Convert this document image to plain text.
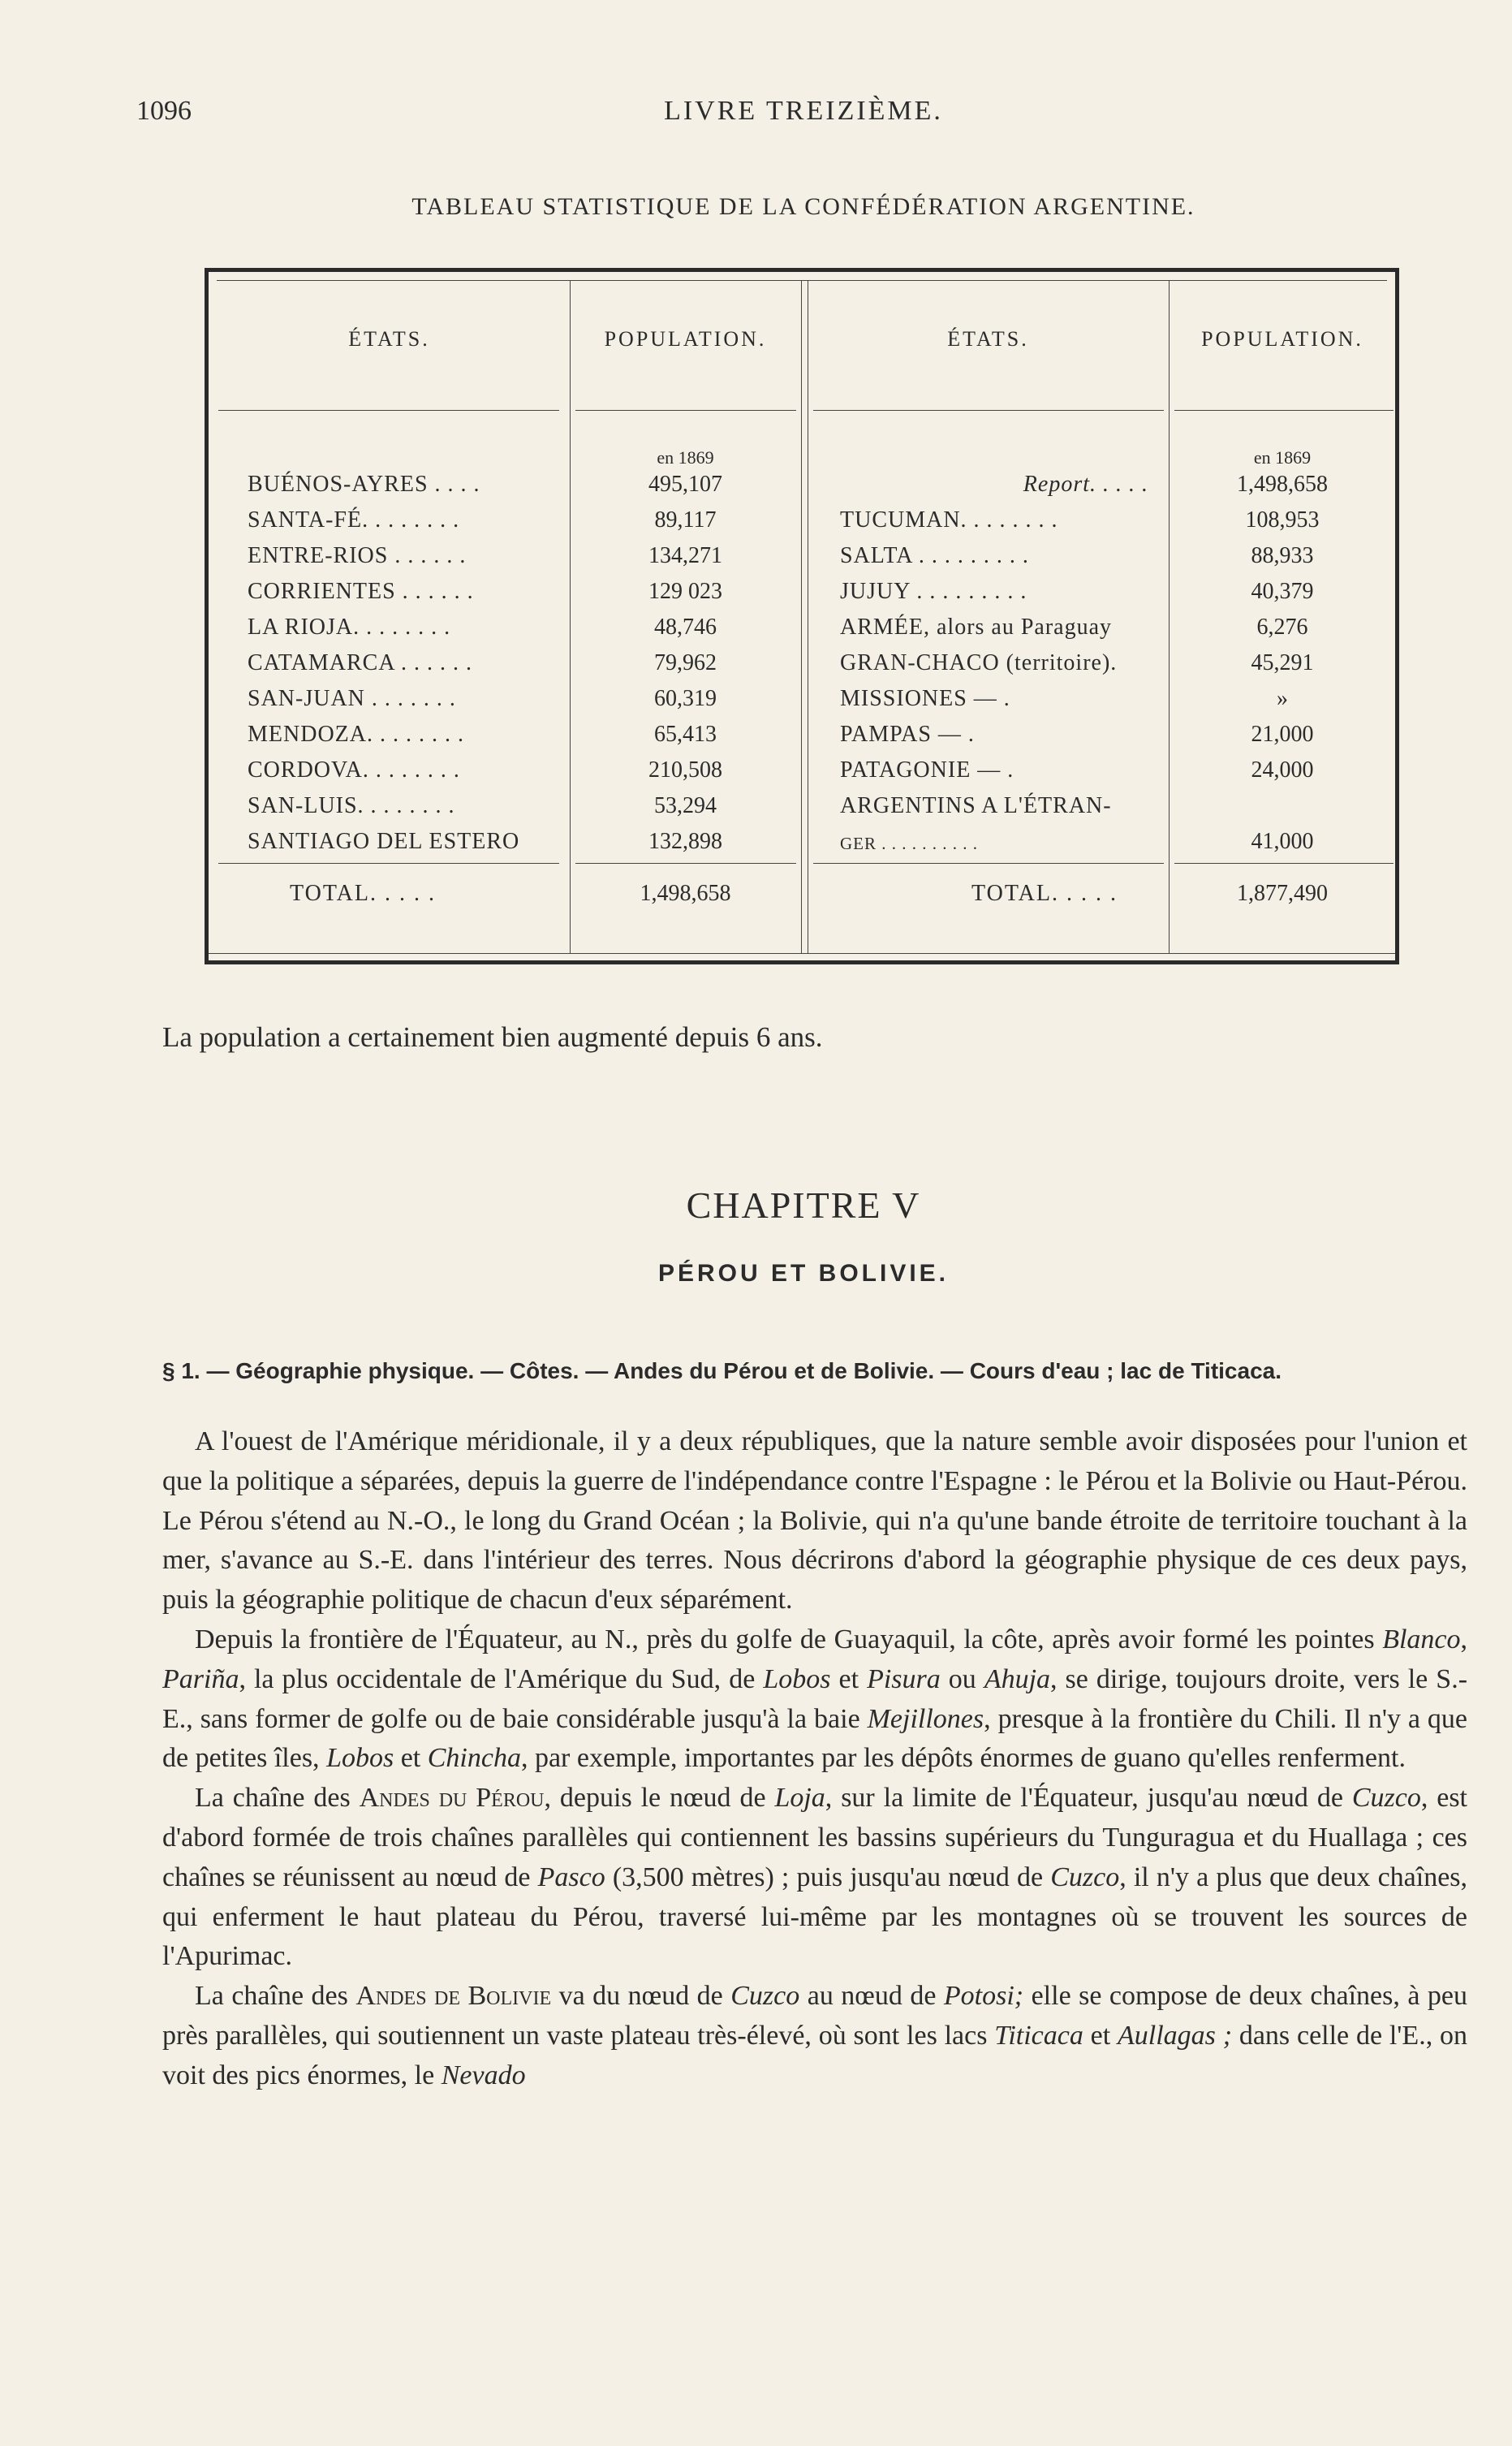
1096	LIVRE TREIZIÈME.
TABLEAU STATISTIQUE DE LA CONFÉDÉRATION ARGENTINE.
ÉTATS.	POPULATION.	ÉTATS.	POPULATION.
en 1869	en 1869
BUÉNOS-AYRES . . . .	495,107	Report. . . . .	1,498,658
SANTA-FÉ. . . . . . . .	89,117	TUCUMAN. . . . . . . .	108,953
ENTRE-RIOS . . . . . .	134,271	SALTA . . . . . . . . .	88,933
CORRIENTES . . . . . .	129 023	JUJUY . . . . . . . . .	40,379
LA RIOJA. . . . . . . .	48,746	ARMÉE, alors au Paraguay	6,276
CATAMARCA . . . . . .	79,962	GRAN-CHACO (territoire).	45,291
SAN-JUAN . . . . . . .	60,319	MISSIONES — .	»
MENDOZA. . . . . . . .	65,413	PAMPAS — .	21,000
CORDOVA. . . . . . . .	210,508	PATAGONIE — .	24,000
SAN-LUIS. . . . . . . .	53,294	ARGENTINS A L'ÉTRAN-
SANTIAGO DEL ESTERO	132,898	GER . . . . . . . . . .	41,000
TOTAL. . . . .	1,498,658	TOTAL. . . . .	1,877,490
La population a certainement bien augmenté depuis 6 ans.
CHAPITRE V
PÉROU ET BOLIVIE.
§ 1. — Géographie physique. — Côtes. — Andes du Pérou et de Bolivie. — Cours d'eau ; lac de Titicaca.

A l'ouest de l'Amérique méridionale, il y a deux républiques, que la nature semble avoir disposées pour l'union et que la politique a séparées, depuis la guerre de l'indépendance contre l'Espagne : le Pérou et la Bolivie ou Haut-Pérou. Le Pérou s'étend au N.-O., le long du Grand Océan ; la Bolivie, qui n'a qu'une bande étroite de territoire touchant à la mer, s'avance au S.-E. dans l'intérieur des terres. Nous décrirons d'abord la géographie physique de ces deux pays, puis la géographie politique de chacun d'eux séparément.

Depuis la frontière de l'Équateur, au N., près du golfe de Guayaquil, la côte, après avoir formé les pointes Blanco, Pariña, la plus occidentale de l'Amérique du Sud, de Lobos et Pisura ou Ahuja, se dirige, toujours droite, vers le S.-E., sans former de golfe ou de baie considérable jusqu'à la baie Mejillones, presque à la frontière du Chili. Il n'y a que de petites îles, Lobos et Chincha, par exemple, importantes par les dépôts énormes de guano qu'elles renferment.

La chaîne des Andes du Pérou, depuis le nœud de Loja, sur la limite de l'Équateur, jusqu'au nœud de Cuzco, est d'abord formée de trois chaînes parallèles qui contiennent les bassins supérieurs du Tunguragua et du Huallaga ; ces chaînes se réunissent au nœud de Pasco (3,500 mètres) ; puis jusqu'au nœud de Cuzco, il n'y a plus que deux chaînes, qui enferment le haut plateau du Pérou, traversé lui-même par les montagnes où se trouvent les sources de l'Apurimac.

La chaîne des Andes de Bolivie va du nœud de Cuzco au nœud de Potosi; elle se compose de deux chaînes, à peu près parallèles, qui soutiennent un vaste plateau très-élevé, où sont les lacs Titicaca et Aullagas ; dans celle de l'E., on voit des pics énormes, le Nevado
